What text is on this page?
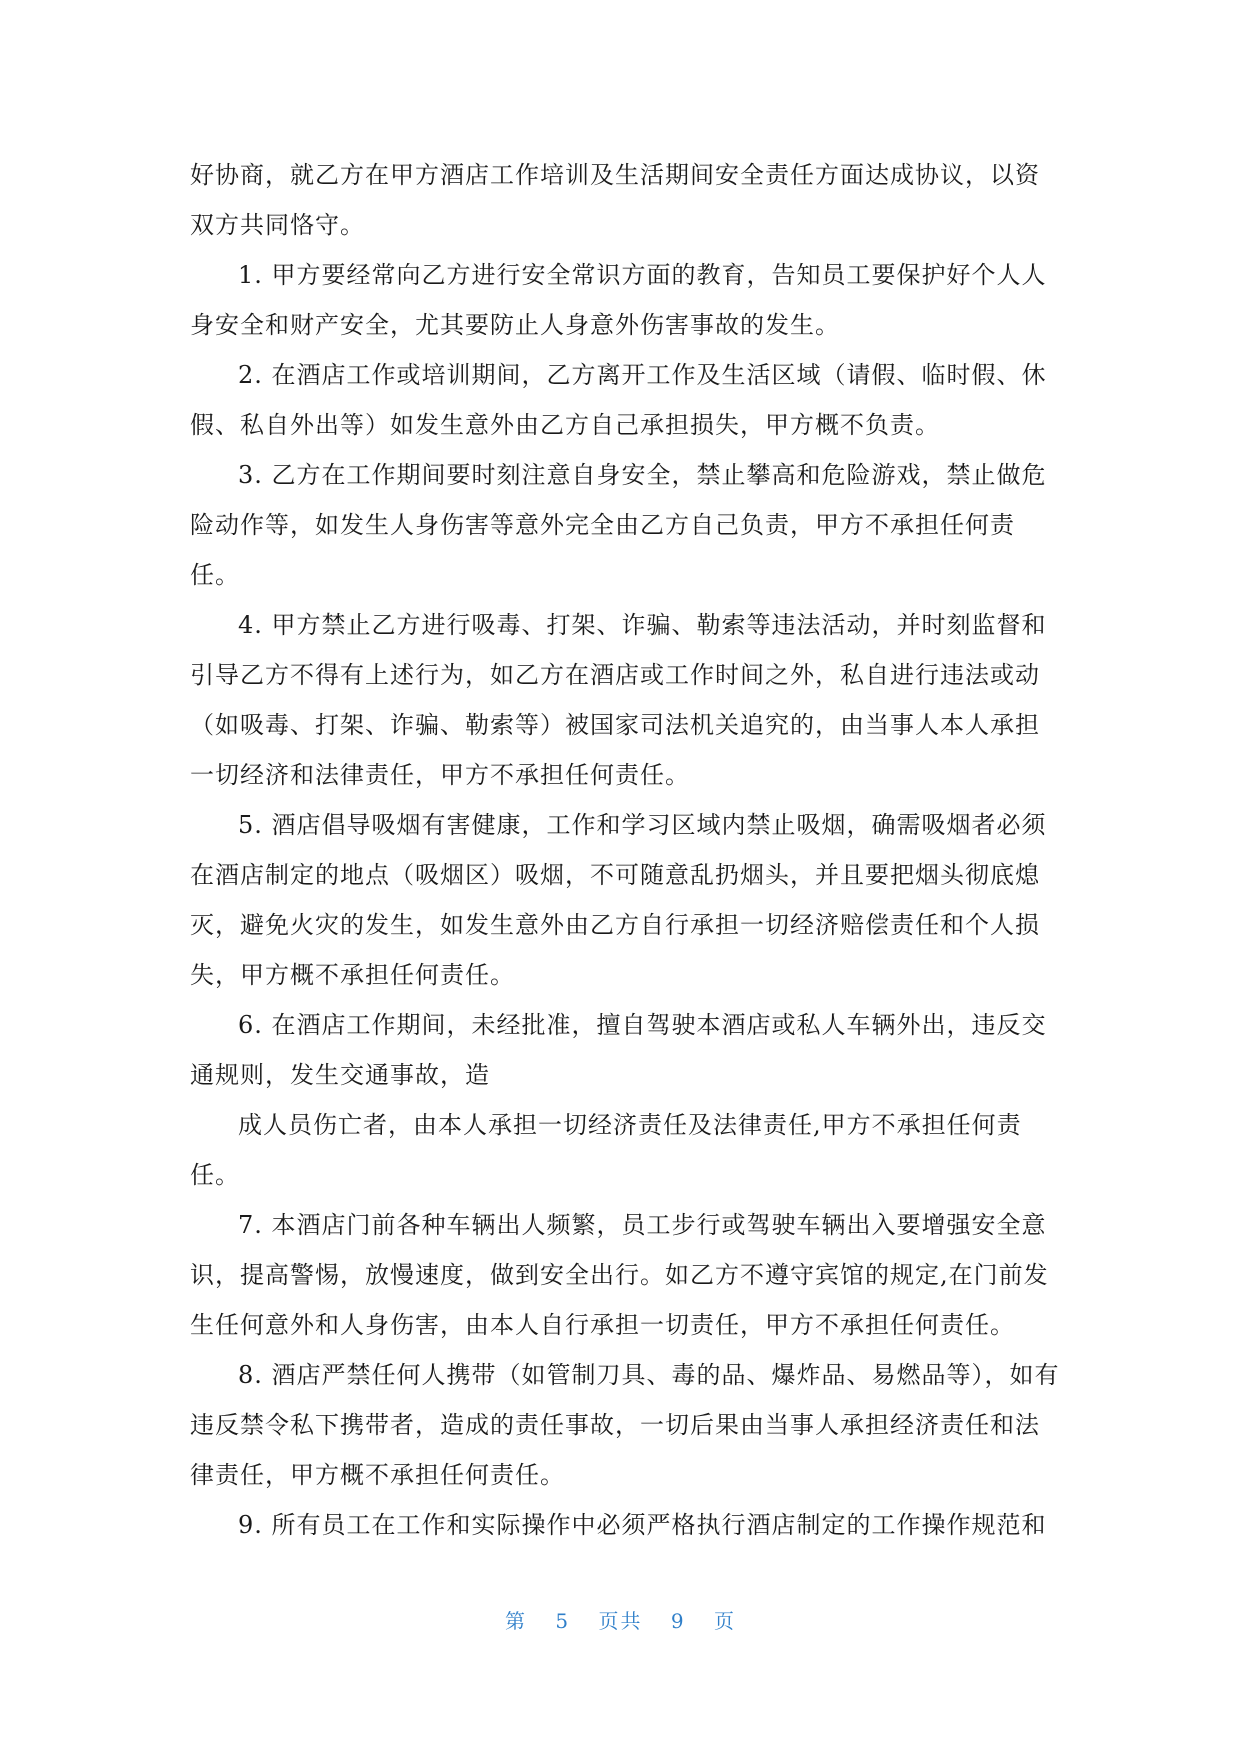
好协商，就乙方在甲方酒店工作培训及生活期间安全责任方面达成协议，以资

双方共同恪守。

1. 甲方要经常向乙方进行安全常识方面的教育，告知员工要保护好个人人

身安全和财产安全，尤其要防止人身意外伤害事故的发生。

2. 在酒店工作或培训期间，乙方离开工作及生活区域（请假、临时假、休

假、私自外出等）如发生意外由乙方自己承担损失，甲方概不负责。

3. 乙方在工作期间要时刻注意自身安全，禁止攀高和危险游戏，禁止做危

险动作等，如发生人身伤害等意外完全由乙方自己负责，甲方不承担任何责

任。

4. 甲方禁止乙方进行吸毒、打架、诈骗、勒索等违法活动，并时刻监督和

引导乙方不得有上述行为，如乙方在酒店或工作时间之外，私自进行违法或动

（如吸毒、打架、诈骗、勒索等）被国家司法机关追究的，由当事人本人承担

一切经济和法律责任，甲方不承担任何责任。

5. 酒店倡导吸烟有害健康，工作和学习区域内禁止吸烟，确需吸烟者必须

在酒店制定的地点（吸烟区）吸烟，不可随意乱扔烟头，并且要把烟头彻底熄

灭，避免火灾的发生，如发生意外由乙方自行承担一切经济赔偿责任和个人损

失，甲方概不承担任何责任。

6. 在酒店工作期间，未经批准，擅自驾驶本酒店或私人车辆外出，违反交

通规则，发生交通事故，造

成人员伤亡者，由本人承担一切经济责任及法律责任,甲方不承担任何责

任。

7. 本酒店门前各种车辆出人频繁，员工步行或驾驶车辆出入要增强安全意

识，提高警惕，放慢速度，做到安全出行。如乙方不遵守宾馆的规定,在门前发

生任何意外和人身伤害，由本人自行承担一切责任，甲方不承担任何责任。

8. 酒店严禁任何人携带（如管制刀具、毒的品、爆炸品、易燃品等），如有

违反禁令私下携带者，造成的责任事故，一切后果由当事人承担经济责任和法

律责任，甲方概不承担任何责任。

9. 所有员工在工作和实际操作中必须严格执行酒店制定的工作操作规范和

第 5 页共 9 页
